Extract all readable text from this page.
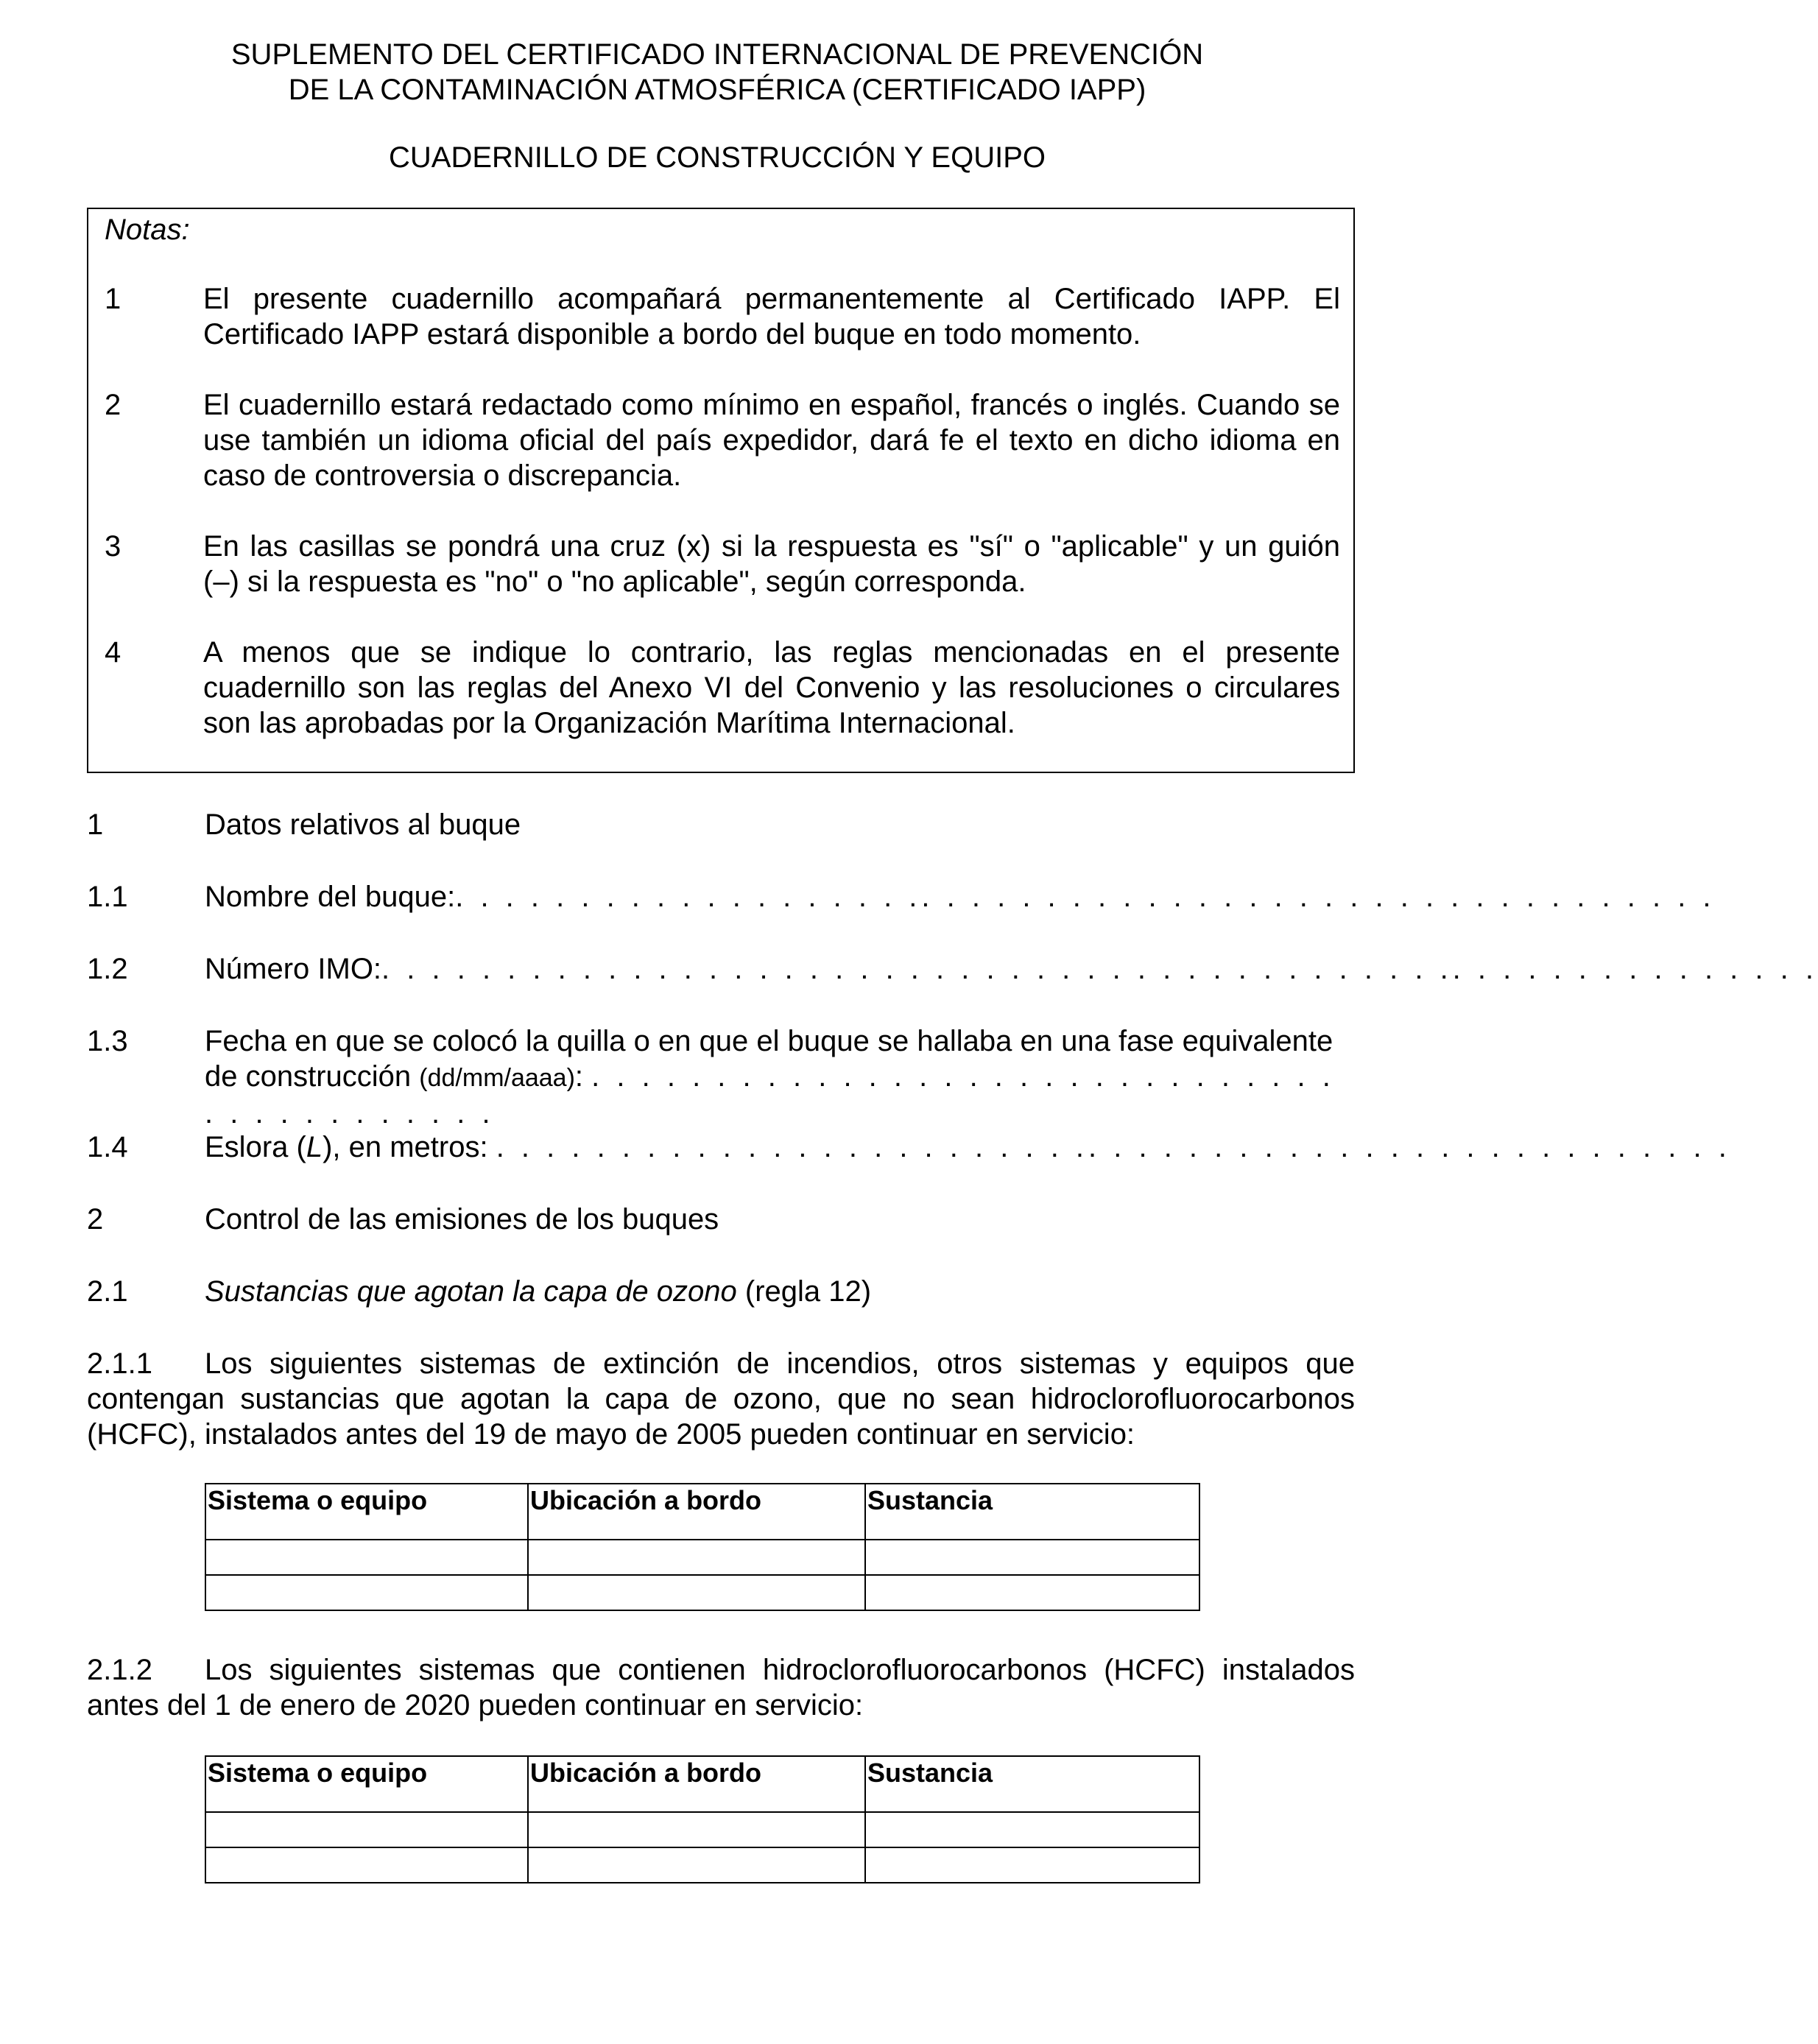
SUPLEMENTO DEL CERTIFICADO INTERNACIONAL DE PREVENCIÓN
DE LA CONTAMINACIÓN ATMOSFÉRICA (CERTIFICADO IAPP)
CUADERNILLO DE CONSTRUCCIÓN Y EQUIPO
Notas:
1	El presente cuadernillo acompañará permanentemente al Certificado IAPP. El Certificado IAPP estará disponible a bordo del buque en todo momento.
2	El cuadernillo estará redactado como mínimo en español, francés o inglés. Cuando se use también un idioma oficial del país expedidor, dará fe el texto en dicho idioma en caso de controversia o discrepancia.
3	En las casillas se pondrá una cruz (x) si la respuesta es "sí" o "aplicable" y un guión (–) si la respuesta es "no" o "no aplicable", según corresponda.
4	A menos que se indique lo contrario, las reglas mencionadas en el presente cuadernillo son las reglas del Anexo VI del Convenio y las resoluciones o circulares son las aprobadas por la Organización Marítima Internacional.
1	Datos relativos al buque
1.1	Nombre del buque:. . . . . . . . . . . . . . . . . . .. . . . . . . . . . . . . . . . . . . . . . . . . . . . . . . .
1.2	Número IMO:. . . . . . . . . . . . . . . . . . . . . . . . . . . . . . . . . . . . . . . . . . .. . . . . . . . . . . . . . .
1.3	Fecha en que se colocó la quilla o en que el buque se hallaba en una fase equivalente de construcción (dd/mm/aaaa): . . . . . . . . . . . . . . . . . . . . . . . . . . . . . . . . . . . . . . . . . .
1.4	Eslora (L), en metros: . . . . . . . . . . . . . . . . . . . . . . . .. . . . . . . . . . . . . . . . . . . . . . . . . .
2	Control de las emisiones de los buques
2.1	Sustancias que agotan la capa de ozono (regla 12)
2.1.1 Los siguientes sistemas de extinción de incendios, otros sistemas y equipos que contengan sustancias que agotan la capa de ozono, que no sean hidroclorofluorocarbonos (HCFC), instalados antes del 19 de mayo de 2005 pueden continuar en servicio:
Sistema o equipo	Ubicación a bordo	Sustancia

2.1.2 Los siguientes sistemas que contienen hidroclorofluorocarbonos (HCFC) instalados antes del 1 de enero de 2020 pueden continuar en servicio:
Sistema o equipo	Ubicación a bordo	Sustancia
